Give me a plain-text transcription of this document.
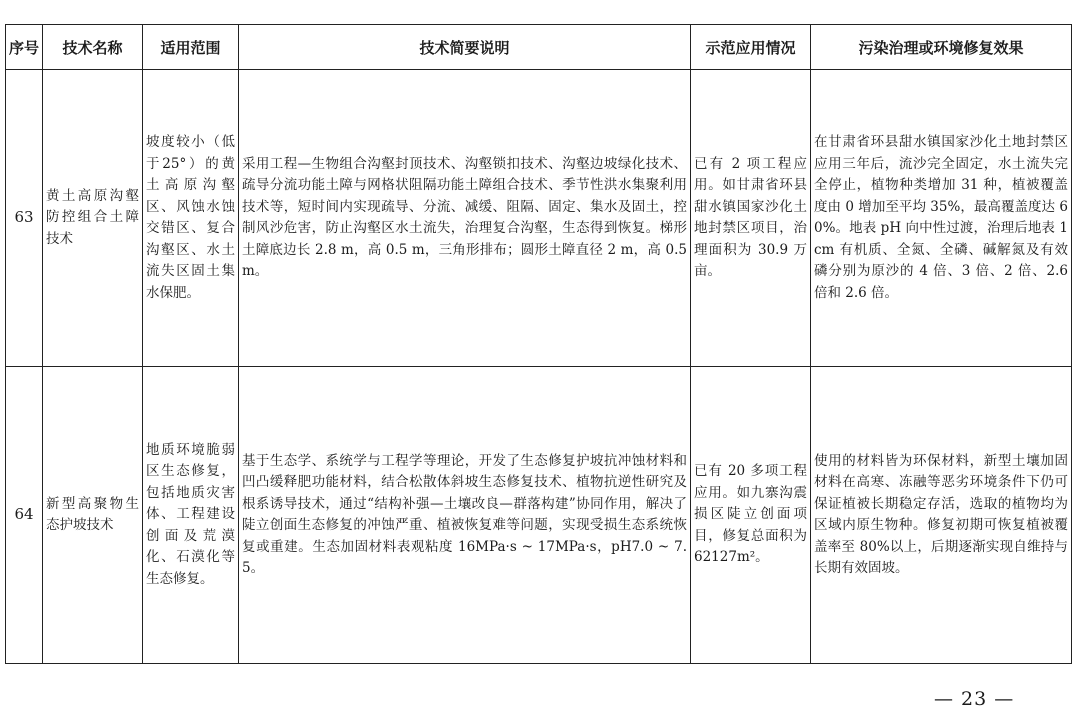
序号	技术名称	适用范围	技术简要说明	示范应用情况	污染治理或环境修复效果
63	黄土高原沟壑防控组合土障技术	坡度较小（低于25°）的黄土高原沟壑区、风蚀水蚀交错区、复合沟壑区、水土流失区固土集水保肥。	采用工程—生物组合沟壑封顶技术、沟壑锁扣技术、沟壑边坡绿化技术、疏导分流功能土障与网格状阻隔功能土障组合技术、季节性洪水集聚利用技术等，短时间内实现疏导、分流、减缓、阻隔、固定、集水及固土，控制风沙危害，防止沟壑区水土流失，治理复合沟壑，生态得到恢复。梯形土障底边长 2.8 m，高 0.5 m，三角形排布；圆形土障直径 2 m，高 0.5 m。	已有 2 项工程应用。如甘肃省环县甜水镇国家沙化土地封禁区项目，治理面积为 30.9 万亩。	在甘肃省环县甜水镇国家沙化土地封禁区应用三年后，流沙完全固定，水土流失完全停止，植物种类增加 31 种，植被覆盖度由 0 增加至平均 35%，最高覆盖度达 60%。地表 pH 向中性过渡，治理后地表 1cm 有机质、全氮、全磷、碱解氮及有效磷分别为原沙的 4 倍、3 倍、2 倍、2.6 倍和 2.6 倍。
64	新型高聚物生态护坡技术	地质环境脆弱区生态修复，包括地质灾害体、工程建设创面及荒漠化、石漠化等生态修复。	基于生态学、系统学与工程学等理论，开发了生态修复护坡抗冲蚀材料和凹凸缓释肥功能材料，结合松散体斜坡生态修复技术、植物抗逆性研究及根系诱导技术，通过“结构补强—土壤改良—群落构建”协同作用，解决了陡立创面生态修复的冲蚀严重、植被恢复难等问题，实现受损生态系统恢复或重建。生态加固材料表观粘度 16MPa·s ~ 17MPa·s，pH7.0 ~ 7.5。	已有 20 多项工程应用。如九寨沟震损区陡立创面项目，修复总面积为 62127m²。	使用的材料皆为环保材料，新型土壤加固材料在高寒、冻融等恶劣环境条件下仍可保证植被长期稳定存活，选取的植物均为区域内原生物种。修复初期可恢复植被覆盖率至 80%以上，后期逐渐实现自维持与长期有效固坡。
— 23 —
